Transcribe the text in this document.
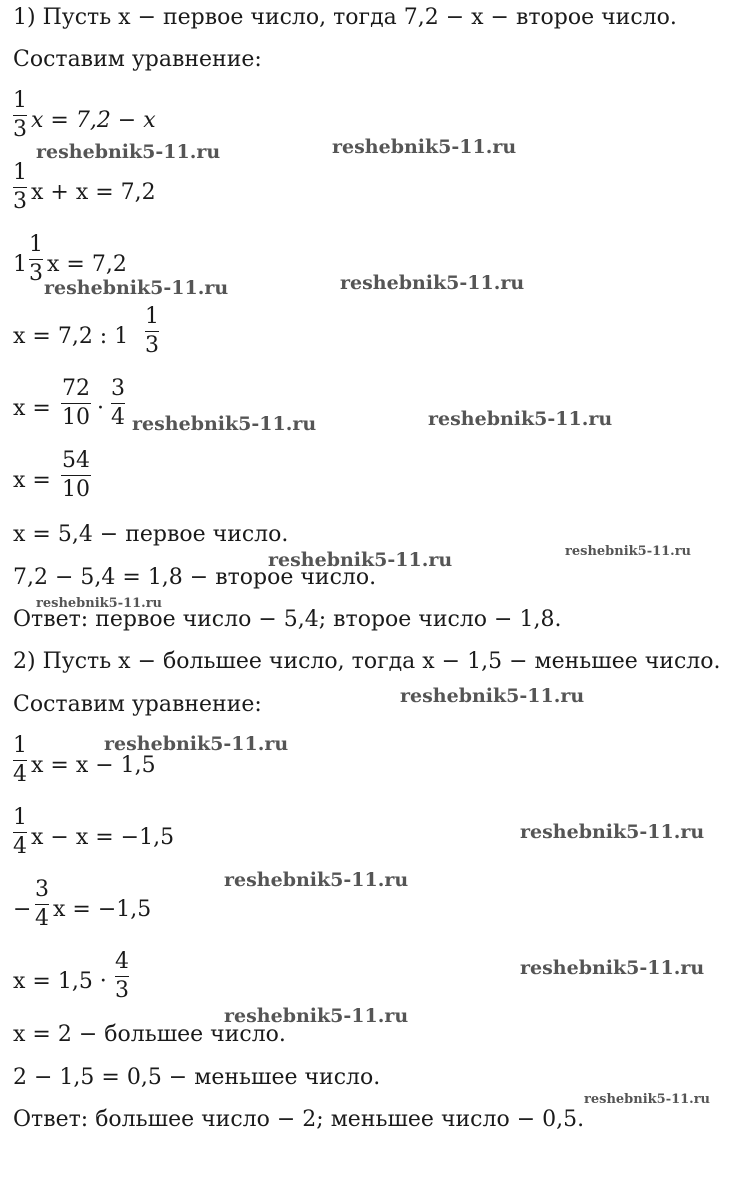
1) Пусть x − первое число, тогда 7,2 − x − второе число.
Составим уравнение:
1
3 x = 7,2 − x
1
3 x + x = 7,2
1
1
3 x = 7,2
x = 7,2 : 1
1
3
x =
72
10 ·
3
4
x =
54
10
x = 5,4 − первое число.
7,2 − 5,4 = 1,8 − второе число.
Ответ: первое число − 5,4; второе число − 1,8.
2) Пусть x − большее число, тогда x − 1,5 − меньшее число.
Составим уравнение:
1
4 x = x − 1,5
1
4 x − x = −1,5
−
3
4 x = −1,5
x = 1,5 ·
4
3
x = 2 − большее число.
2 − 1,5 = 0,5 − меньшее число.
Ответ: большее число − 2; меньшее число − 0,5.
reshebnik5-11.ru	reshebnik5-11.ru
reshebnik5-11.ru	reshebnik5-11.ru
reshebnik5-11.ru	reshebnik5-11.ru
reshebnik5-11.ru	reshebnik5-11.ru
reshebnik5-11.ru
reshebnik5-11.ru
reshebnik5-11.ru
reshebnik5-11.ru
reshebnik5-11.ru
reshebnik5-11.ru
reshebnik5-11.ru
reshebnik5-11.ru
